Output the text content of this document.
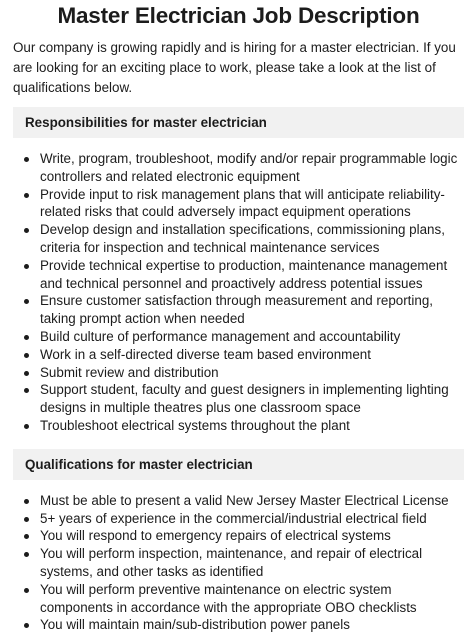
Master Electrician Job Description

Our company is growing rapidly and is hiring for a master electrician. If you are looking for an exciting place to work, please take a look at the list of qualifications below.

Responsibilities for master electrician
Write, program, troubleshoot, modify and/or repair programmable logic controllers and related electronic equipment
Provide input to risk management plans that will anticipate reliability-related risks that could adversely impact equipment operations
Develop design and installation specifications, commissioning plans, criteria for inspection and technical maintenance services
Provide technical expertise to production, maintenance management and technical personnel and proactively address potential issues
Ensure customer satisfaction through measurement and reporting, taking prompt action when needed
Build culture of performance management and accountability
Work in a self-directed diverse team based environment
Submit review and distribution
Support student, faculty and guest designers in implementing lighting designs in multiple theatres plus one classroom space
Troubleshoot electrical systems throughout the plant
Qualifications for master electrician
Must be able to present a valid New Jersey Master Electrical License
5+ years of experience in the commercial/industrial electrical field
You will respond to emergency repairs of electrical systems
You will perform inspection, maintenance, and repair of electrical systems, and other tasks as identified
You will perform preventive maintenance on electric system components in accordance with the appropriate OBO checklists
You will maintain main/sub-distribution power panels
